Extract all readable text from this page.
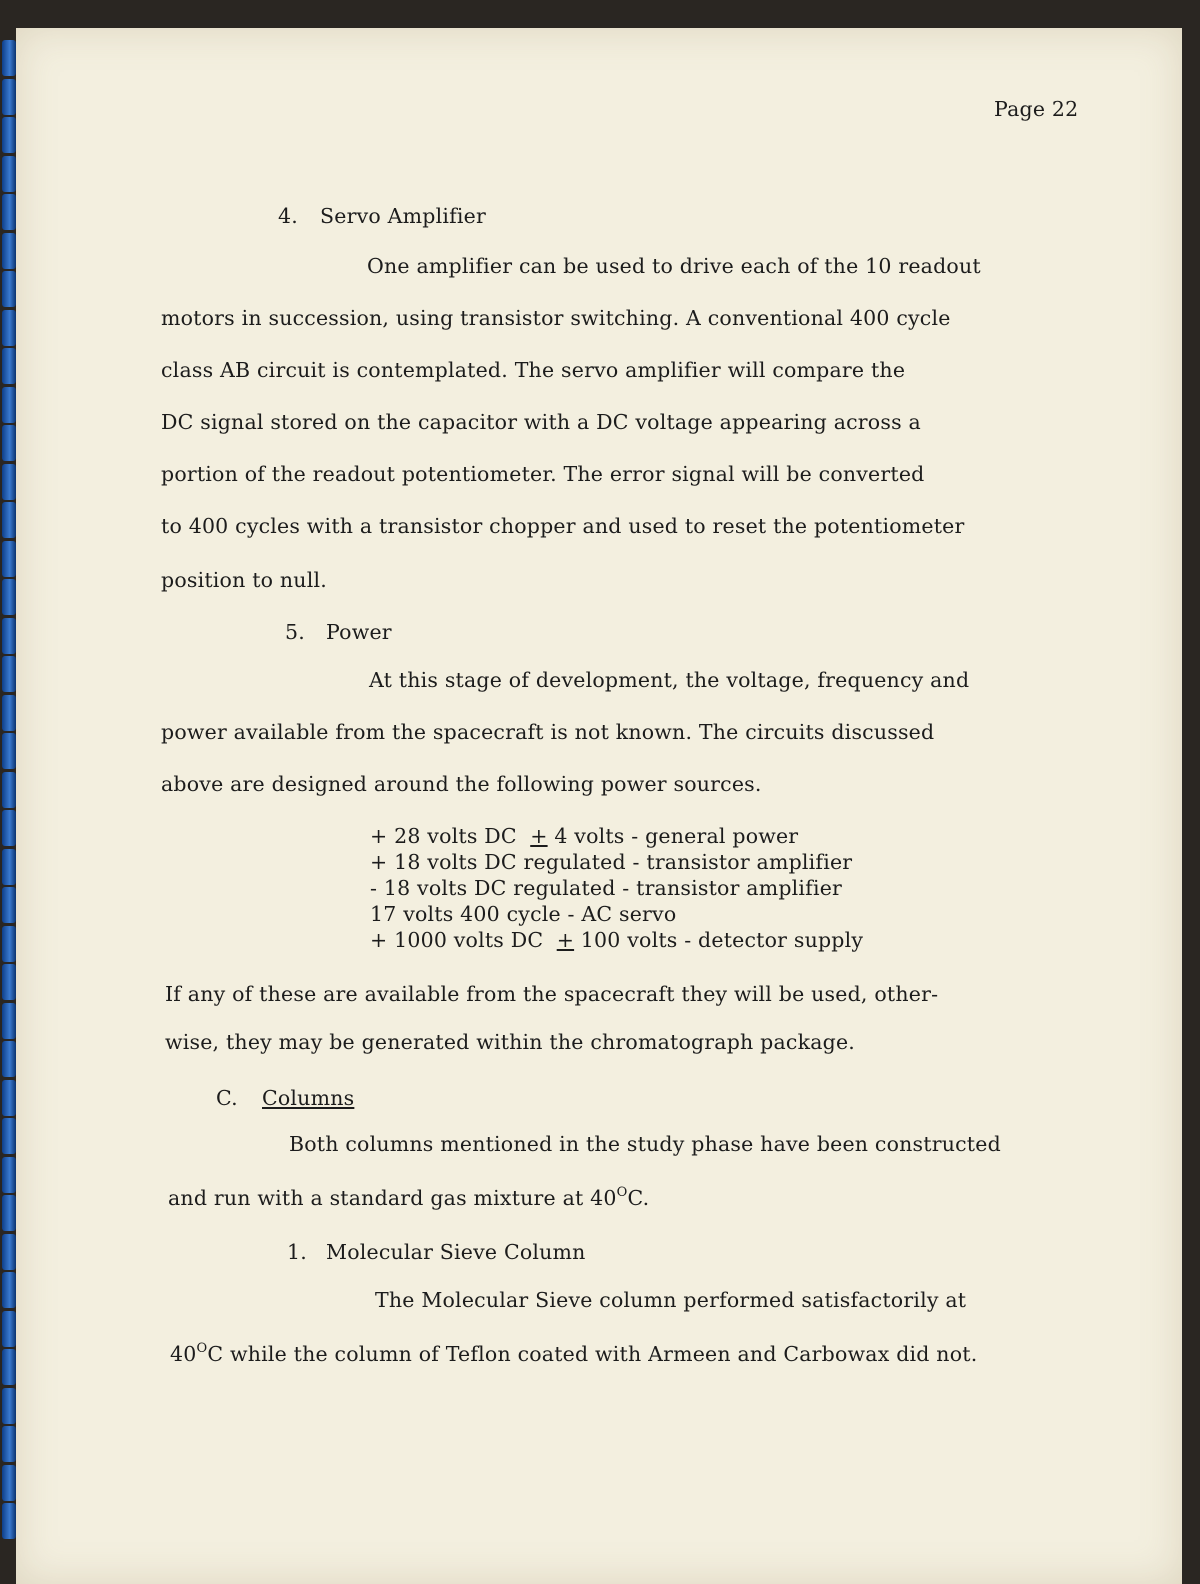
Page 22
4. Servo Amplifier
One amplifier can be used to drive each of the 10 readout
motors in succession, using transistor switching. A conventional 400 cycle
class AB circuit is contemplated. The servo amplifier will compare the
DC signal stored on the capacitor with a DC voltage appearing across a
portion of the readout potentiometer. The error signal will be converted
to 400 cycles with a transistor chopper and used to reset the potentiometer
position to null.
5. Power
At this stage of development, the voltage, frequency and
power available from the spacecraft is not known. The circuits discussed
above are designed around the following power sources.
+ 28 volts DC  + 4 volts - general power
+ 18 volts DC regulated - transistor amplifier
- 18 volts DC regulated - transistor amplifier
17 volts 400 cycle - AC servo
+ 1000 volts DC  + 100 volts - detector supply
If any of these are available from the spacecraft they will be used, other-
wise, they may be generated within the chromatograph package.
C. Columns
Both columns mentioned in the study phase have been constructed
and run with a standard gas mixture at $40^OC$.
1. Molecular Sieve Column
The Molecular Sieve column performed satisfactorily at
$40^OC$ while the column of Teflon coated with Armeen and Carbowax did not.
